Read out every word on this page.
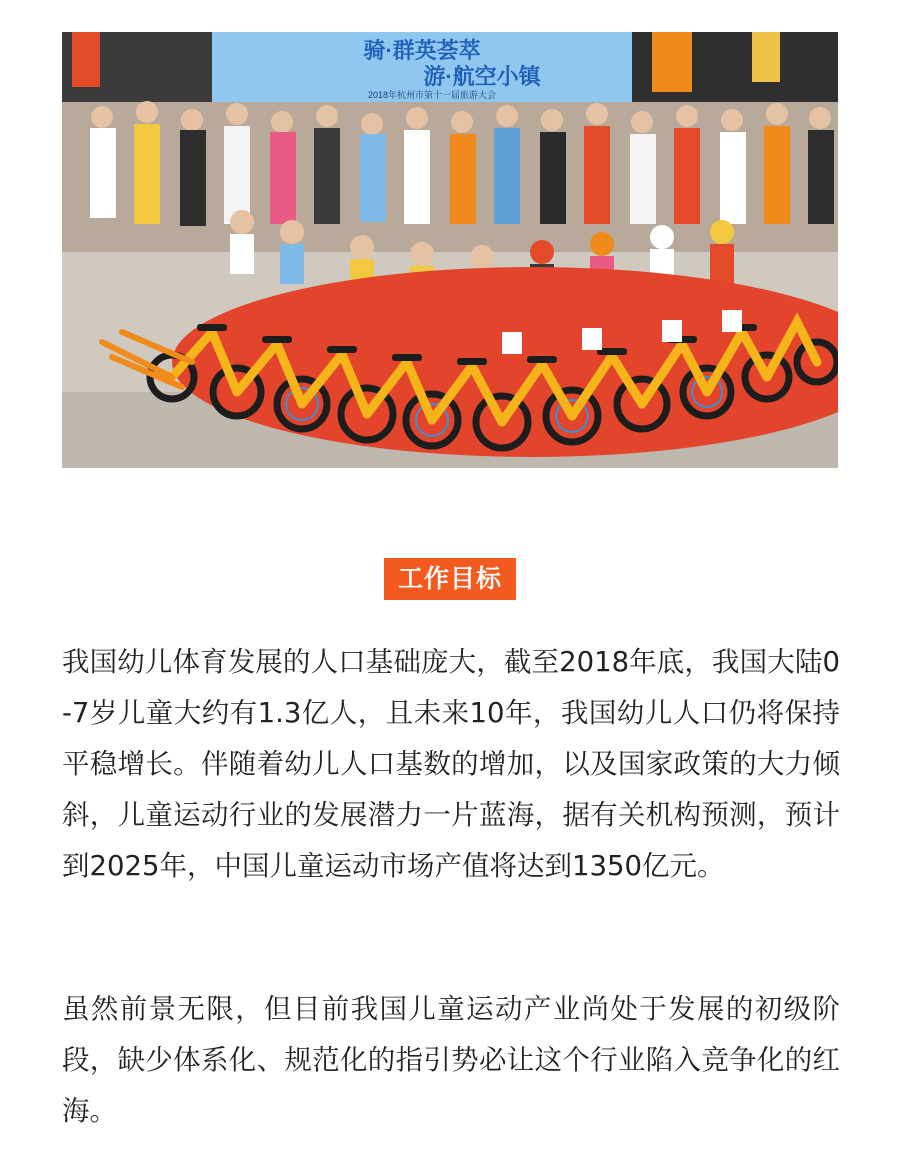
骑·群英荟萃
游·航空小镇
2018年杭州市第十一届旅游大会
工作目标

我国幼儿体育发展的人口基础庞大，截至2018年底，我国大陆0-7岁儿童大约有1.3亿人，且未来10年，我国幼儿人口仍将保持平稳增长。伴随着幼儿人口基数的增加，以及国家政策的大力倾斜，儿童运动行业的发展潜力一片蓝海，据有关机构预测，预计到2025年，中国儿童运动市场产值将达到1350亿元。

虽然前景无限，但目前我国儿童运动产业尚处于发展的初级阶段，缺少体系化、规范化的指引势必让这个行业陷入竞争化的红海。
